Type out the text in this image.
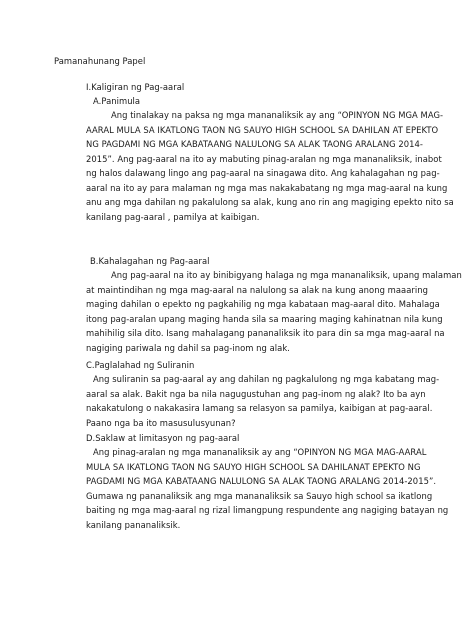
Pamanahunang Papel
I.Kaligiran ng Pag-aaral
A.Panimula
Ang tinalakay na paksa ng mga mananaliksik ay ang “OPINYON NG MGA MAG-
AARAL MULA SA IKATLONG TAON NG SAUYO HIGH SCHOOL SA DAHILAN AT EPEKTO
NG PAGDAMI NG MGA KABATAANG NALULONG SA ALAK TAONG ARALANG 2014-
2015”. Ang pag-aaral na ito ay mabuting pinag-aralan ng mga mananaliksik, inabot
ng halos dalawang lingo ang pag-aaral na sinagawa dito. Ang kahalagahan ng pag-
aaral na ito ay para malaman ng mga mas nakakabatang ng mga mag-aaral na kung
anu ang mga dahilan ng pakalulong sa alak, kung ano rin ang magiging epekto nito sa
kanilang pag-aaral , pamilya at kaibigan.
B.Kahalagahan ng Pag-aaral
Ang pag-aaral na ito ay binibigyang halaga ng mga mananaliksik, upang malaman
at maintindihan ng mga mag-aaral na nalulong sa alak na kung anong maaaring
maging dahilan o epekto ng pagkahilig ng mga kabataan mag-aaral dito. Mahalaga
itong pag-aralan upang maging handa sila sa maaring maging kahinatnan nila kung
mahihilig sila dito. Isang mahalagang pananaliksik ito para din sa mga mag-aaral na
nagiging pariwala ng dahil sa pag-inom ng alak.
C.Paglalahad ng Suliranin
Ang suliranin sa pag-aaral ay ang dahilan ng pagkalulong ng mga kabatang mag-
aaral sa alak. Bakit nga ba nila nagugustuhan ang pag-inom ng alak? Ito ba ayn
nakakatulong o nakakasira lamang sa relasyon sa pamilya, kaibigan at pag-aaral.
Paano nga ba ito masusulusyunan?
D.Saklaw at limitasyon ng pag-aaral
Ang pinag-aralan ng mga mananaliksik ay ang “OPINYON NG MGA MAG-AARAL
MULA SA IKATLONG TAON NG SAUYO HIGH SCHOOL SA DAHILANAT EPEKTO NG
PAGDAMI NG MGA KABATAANG NALULONG SA ALAK TAONG ARALANG 2014-2015”.
Gumawa ng pananaliksik ang mga mananaliksik sa Sauyo high school sa ikatlong
baiting ng mga mag-aaral ng rizal limangpung respundente ang nagiging batayan ng
kanilang pananaliksik.
